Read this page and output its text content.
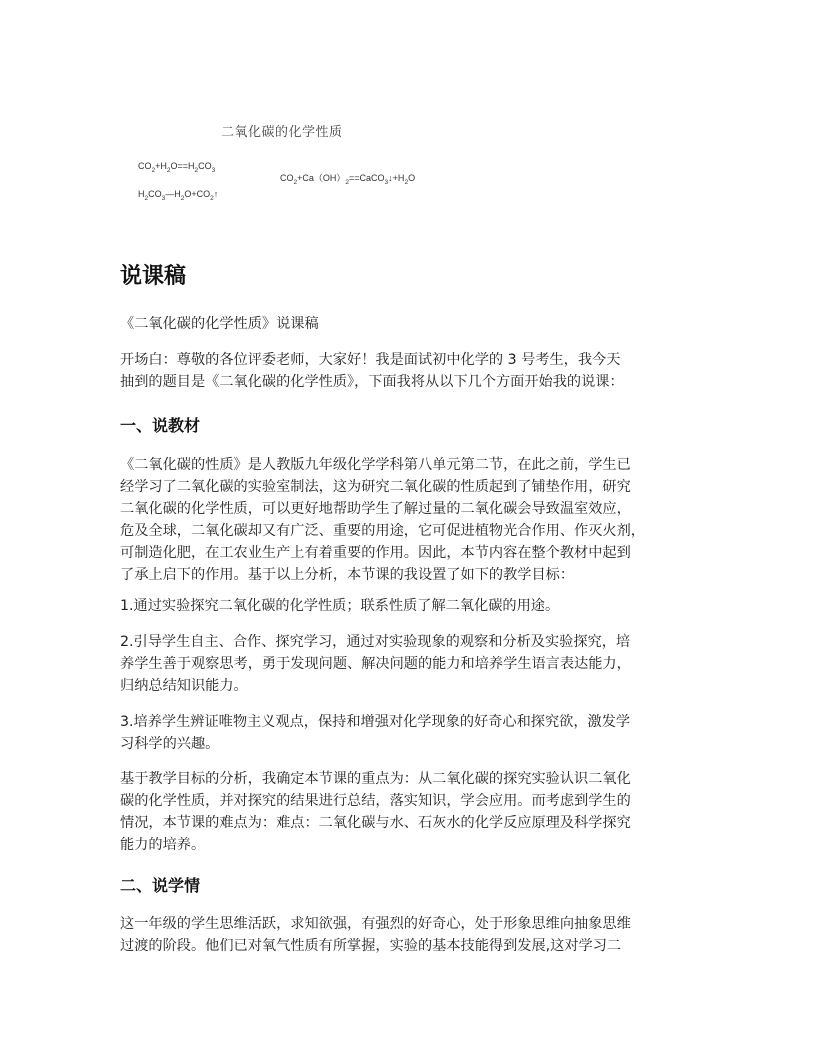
二氧化碳的化学性质
$CO_2+H_2O==H_2CO_3$
$H_2CO_3—H_2O+CO_2↑$
$CO_2+Ca(OH)_2==CaCO_3↓+H_2O$
说课稿
《二氧化碳的化学性质》说课稿
开场白：尊敬的各位评委老师，大家好！我是面试初中化学的 3 号考生，我今天
抽到的题目是《二氧化碳的化学性质》，下面我将从以下几个方面开始我的说课：
一、说教材
《二氧化碳的性质》是人教版九年级化学学科第八单元第二节，在此之前，学生已
经学习了二氧化碳的实验室制法，这为研究二氧化碳的性质起到了铺垫作用，研究
二氧化碳的化学性质，可以更好地帮助学生了解过量的二氧化碳会导致温室效应，
危及全球，二氧化碳却又有广泛、重要的用途，它可促进植物光合作用、作灭火剂，
可制造化肥，在工农业生产上有着重要的作用。因此，本节内容在整个教材中起到
了承上启下的作用。基于以上分析，本节课的我设置了如下的教学目标：
1.通过实验探究二氧化碳的化学性质；联系性质了解二氧化碳的用途。
2.引导学生自主、合作、探究学习，通过对实验现象的观察和分析及实验探究，培
养学生善于观察思考，勇于发现问题、解决问题的能力和培养学生语言表达能力，
归纳总结知识能力。
3.培养学生辨证唯物主义观点，保持和增强对化学现象的好奇心和探究欲，激发学
习科学的兴趣。
基于教学目标的分析，我确定本节课的重点为：从二氧化碳的探究实验认识二氧化
碳的化学性质，并对探究的结果进行总结，落实知识，学会应用。而考虑到学生的
情况，本节课的难点为：难点：二氧化碳与水、石灰水的化学反应原理及科学探究
能力的培养。
二、说学情
这一年级的学生思维活跃，求知欲强，有强烈的好奇心，处于形象思维向抽象思维
过渡的阶段。他们已对氧气性质有所掌握，实验的基本技能得到发展,这对学习二
